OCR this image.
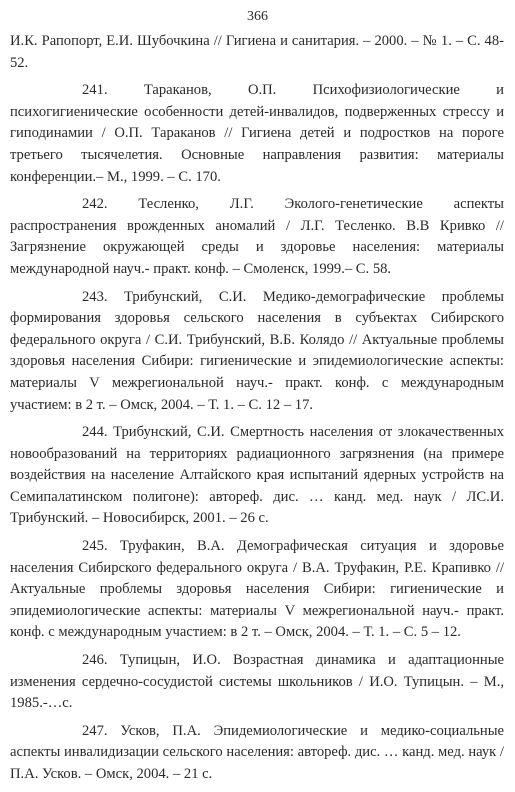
366

И.К. Рапопорт, Е.И. Шубочкина // Гигиена и санитария. – 2000. – № 1. – С. 48-52.

241. Тараканов, О.П. Психофизиологические и психогигиенические особенности детей-инвалидов, подверженных стрессу и гиподинамии / О.П. Тараканов // Гигиена детей и подростков на пороге третьего тысячелетия. Основные направления развития: материалы конференции.– М., 1999. – С. 170.

242. Тесленко, Л.Г. Эколого-генетические аспекты распространения врожденных аномалий / Л.Г. Тесленко. В.В Кривко // Загрязнение окружающей среды и здоровье населения: материалы международной науч.- практ. конф. – Смоленск, 1999.– С. 58.

243. Трибунский, С.И. Медико-демографические проблемы формирования здоровья сельского населения в субъектах Сибирского федерального округа / С.И. Трибунский, В.Б. Колядо // Актуальные проблемы здоровья населения Сибири: гигиенические и эпидемиологические аспекты: материалы V межрегиональной науч.- практ. конф. с международным участием: в 2 т. – Омск, 2004. – Т. 1. – С. 12 – 17.

244. Трибунский, С.И. Смертность населения от злокачественных новообразований на территориях радиационного загрязнения (на примере воздействия на население Алтайского края испытаний ядерных устройств на Семипалатинском полигоне): автореф. дис. … канд. мед. наук / ЛС.И. Трибунский. – Новосибирск, 2001. – 26 с.

245. Труфакин, В.А. Демографическая ситуация и здоровье населения Сибирского федерального округа / В.А. Труфакин, Р.Е. Крапивко // Актуальные проблемы здоровья населения Сибири: гигиенические и эпидемиологические аспекты: материалы V межрегиональной науч.- практ. конф. с международным участием: в 2 т. – Омск, 2004. – Т. 1. – С. 5 – 12.

246. Тупицын, И.О. Возрастная динамика и адаптационные изменения сердечно-сосудистой системы школьников / И.О. Тупицын. – М., 1985.-…с.

247. Усков, П.А. Эпидемиологические и медико-социальные аспекты инвалидизации сельского населения: автореф. дис. … канд. мед. наук / П.А. Усков. – Омск, 2004. – 21 с.
